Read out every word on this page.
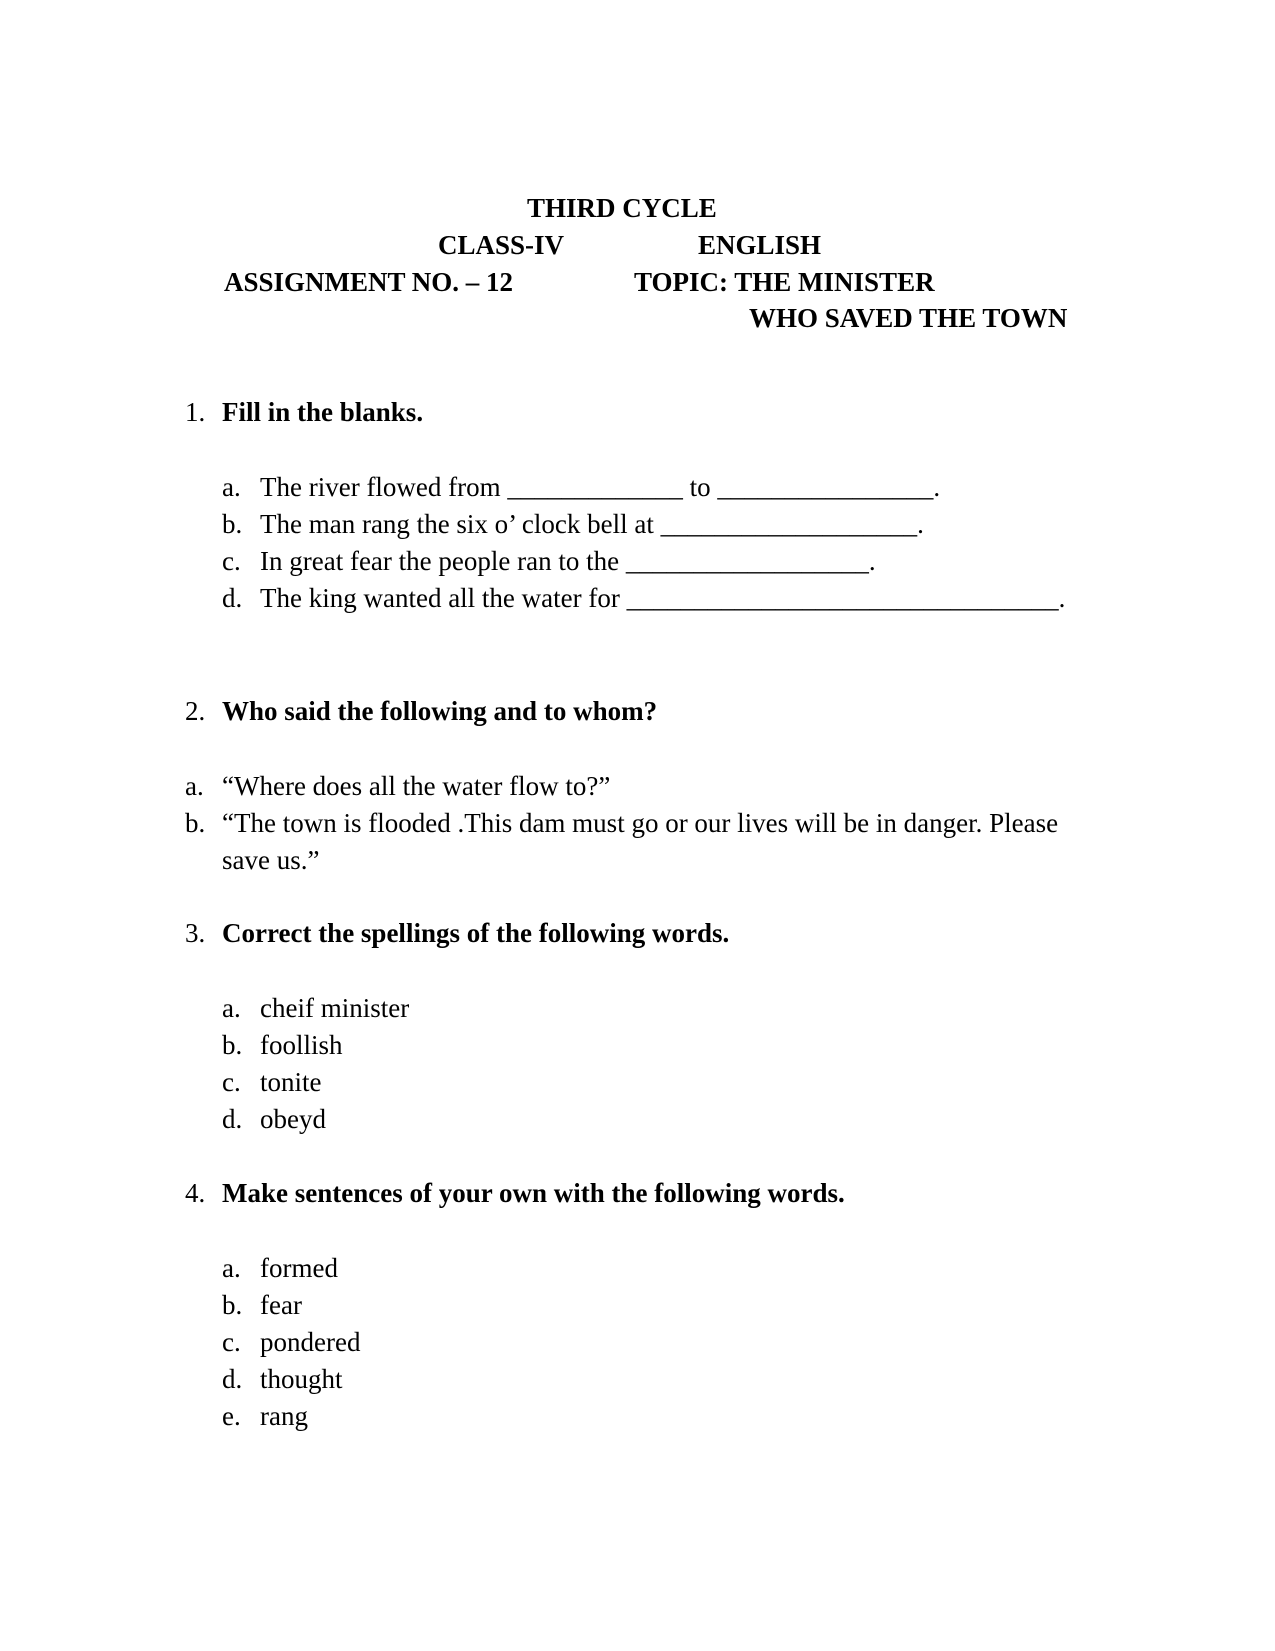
THIRD CYCLE
CLASS-IV	ENGLISH
ASSIGNMENT NO. – 12	TOPIC: THE MINISTER
WHO SAVED THE TOWN
1. Fill in the blanks.
a. The river flowed from _____________ to ________________.
b. The man rang the six o’ clock bell at ___________________.
c. In great fear the people ran to the __________________.
d. The king wanted all the water for ________________________________.
2. Who said the following and to whom?
a. “Where does all the water flow to?”
b. “The town is flooded .This dam must go or our lives will be in danger. Please
save us.”
3. Correct the spellings of the following words.
a. cheif minister
b. foollish
c. tonite
d. obeyd
4. Make sentences of your own with the following words.
a. formed
b. fear
c. pondered
d. thought
e. rang
